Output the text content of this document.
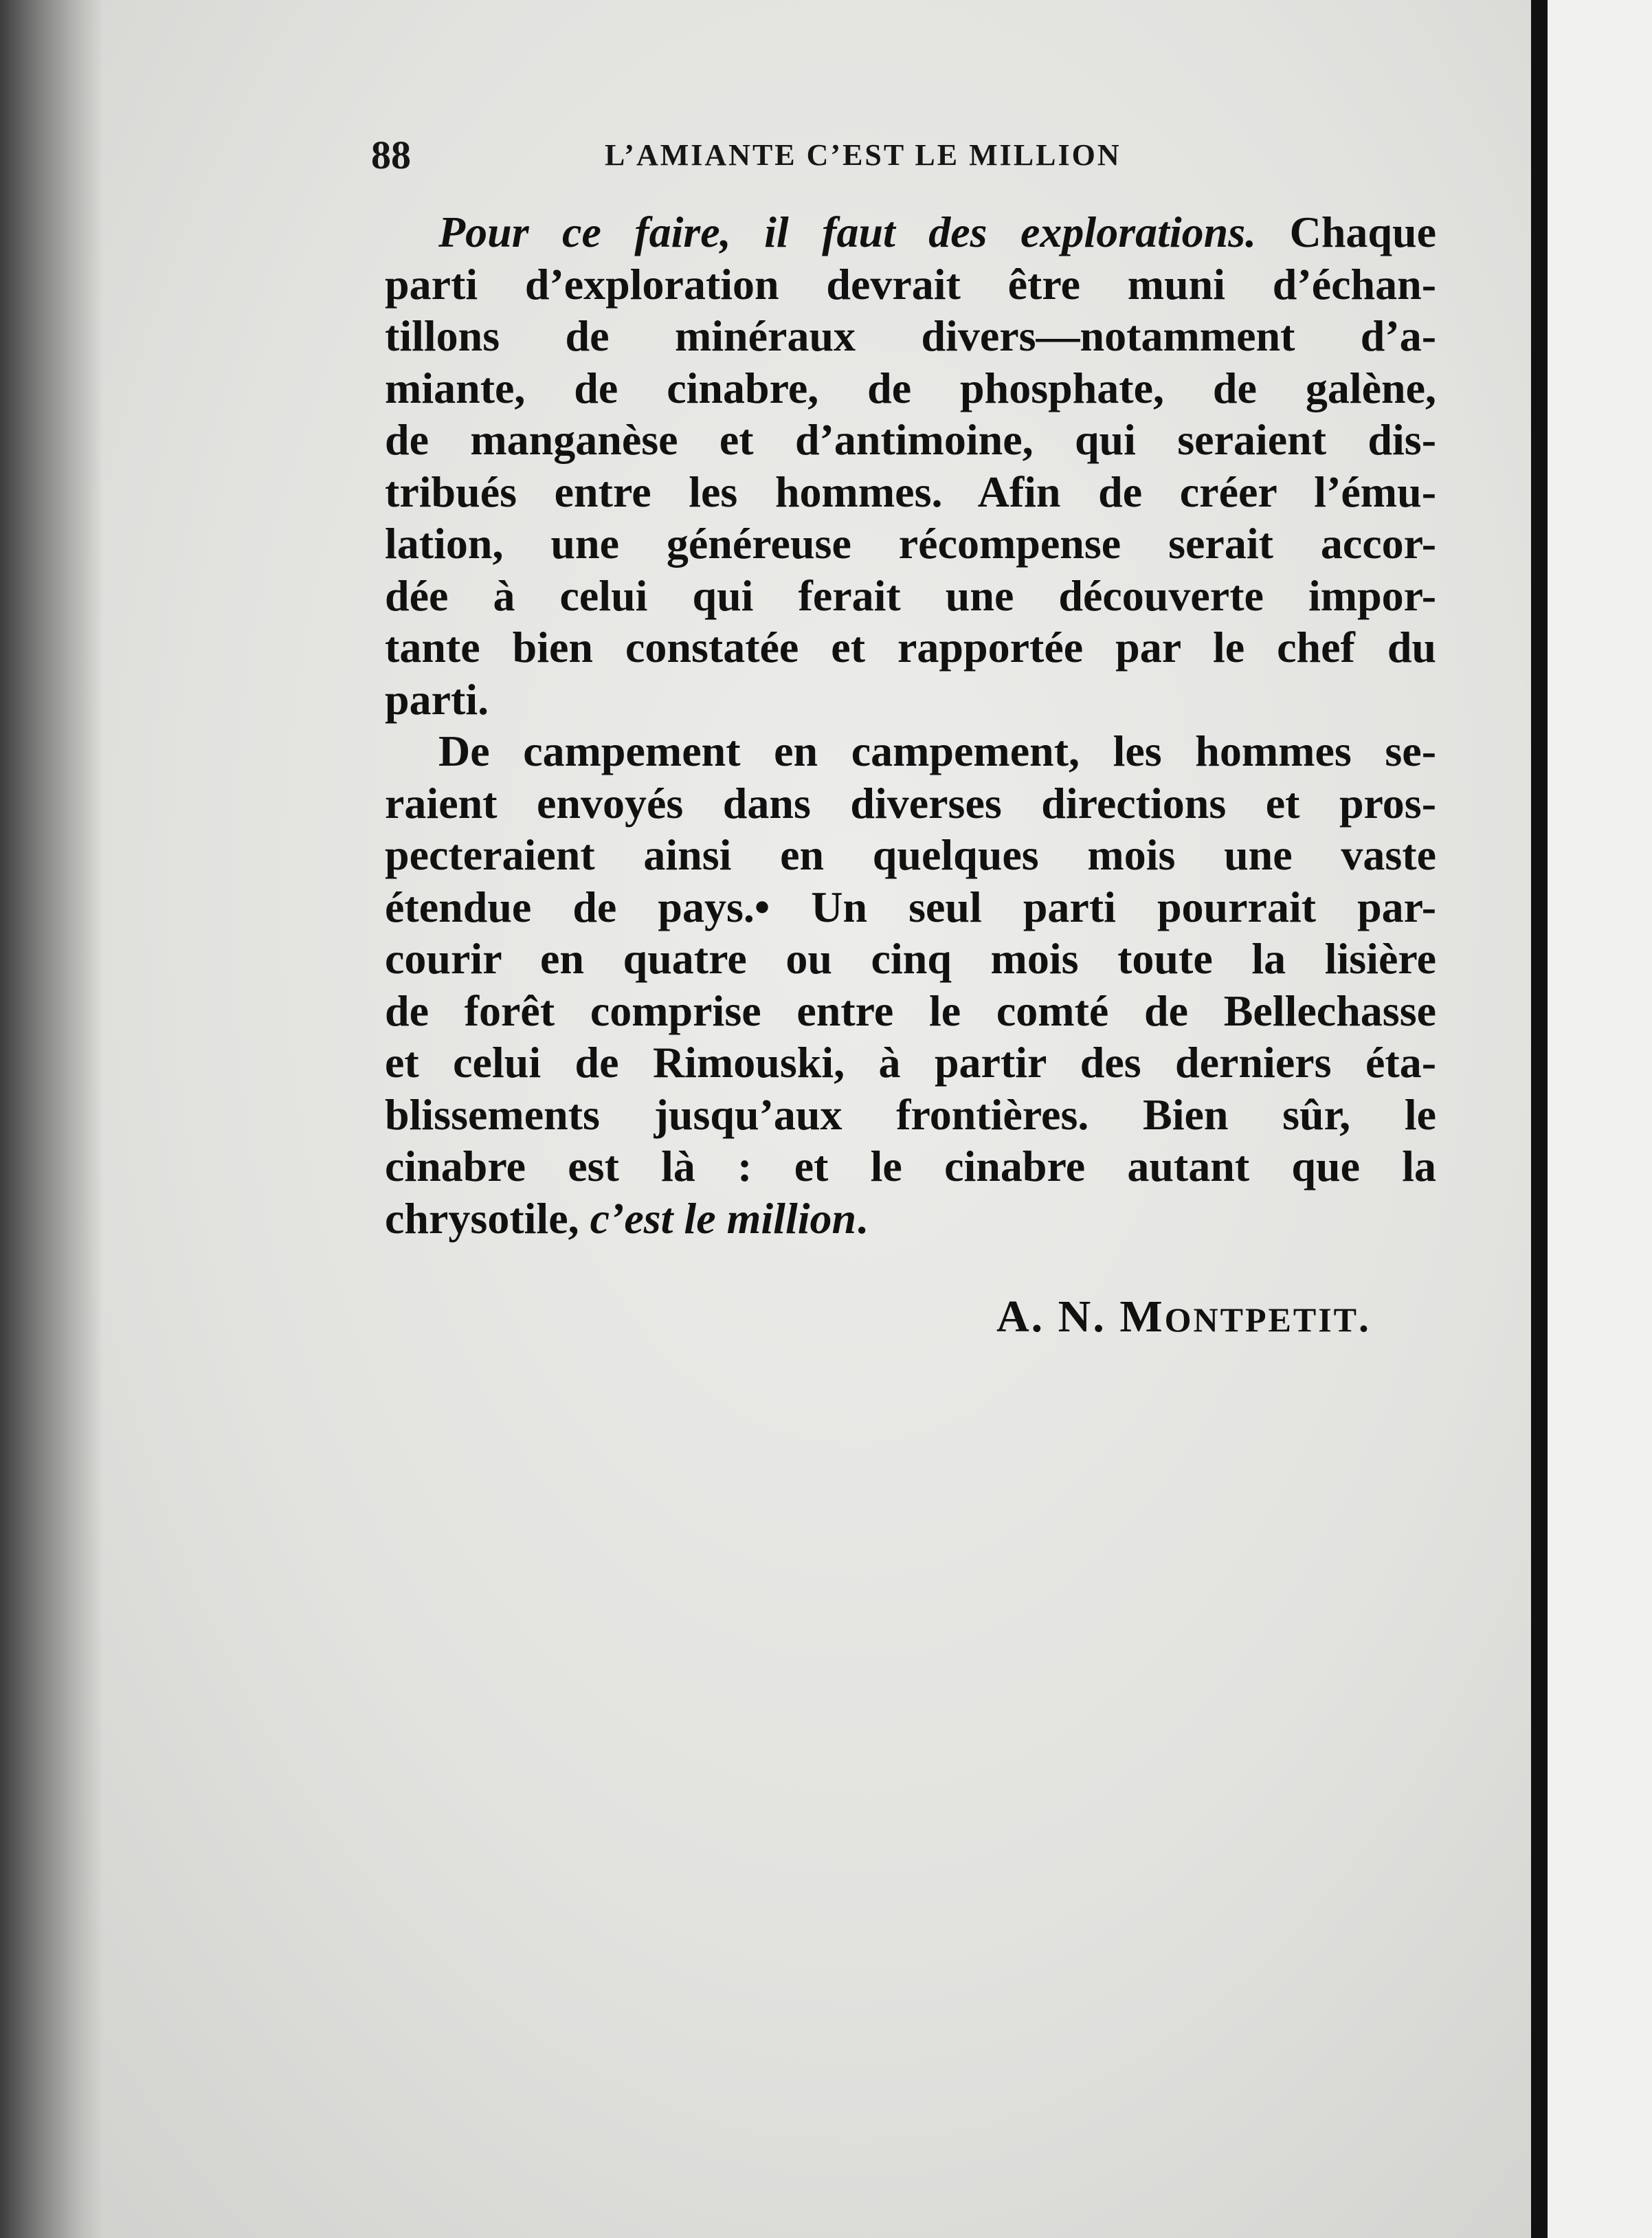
88	L’AMIANTE C’EST LE MILLION
Pour ce faire, il faut des explorations. Chaque
parti d’exploration devrait être muni d’échan-
tillons de minéraux divers—notamment d’a-
miante, de cinabre, de phosphate, de galène,
de manganèse et d’antimoine, qui seraient dis-
tribués entre les hommes. Afin de créer l’ému-
lation, une généreuse récompense serait accor-
dée à celui qui ferait une découverte impor-
tante bien constatée et rapportée par le chef du
parti.
De campement en campement, les hommes se-
raient envoyés dans diverses directions et pros-
pecteraient ainsi en quelques mois une vaste
étendue de pays.• Un seul parti pourrait par-
courir en quatre ou cinq mois toute la lisière
de forêt comprise entre le comté de Bellechasse
et celui de Rimouski, à partir des derniers éta-
blissements jusqu’aux frontières. Bien sûr, le
cinabre est là : et le cinabre autant que la
chrysotile, c’est le million.
A. N. MONTPETIT.
